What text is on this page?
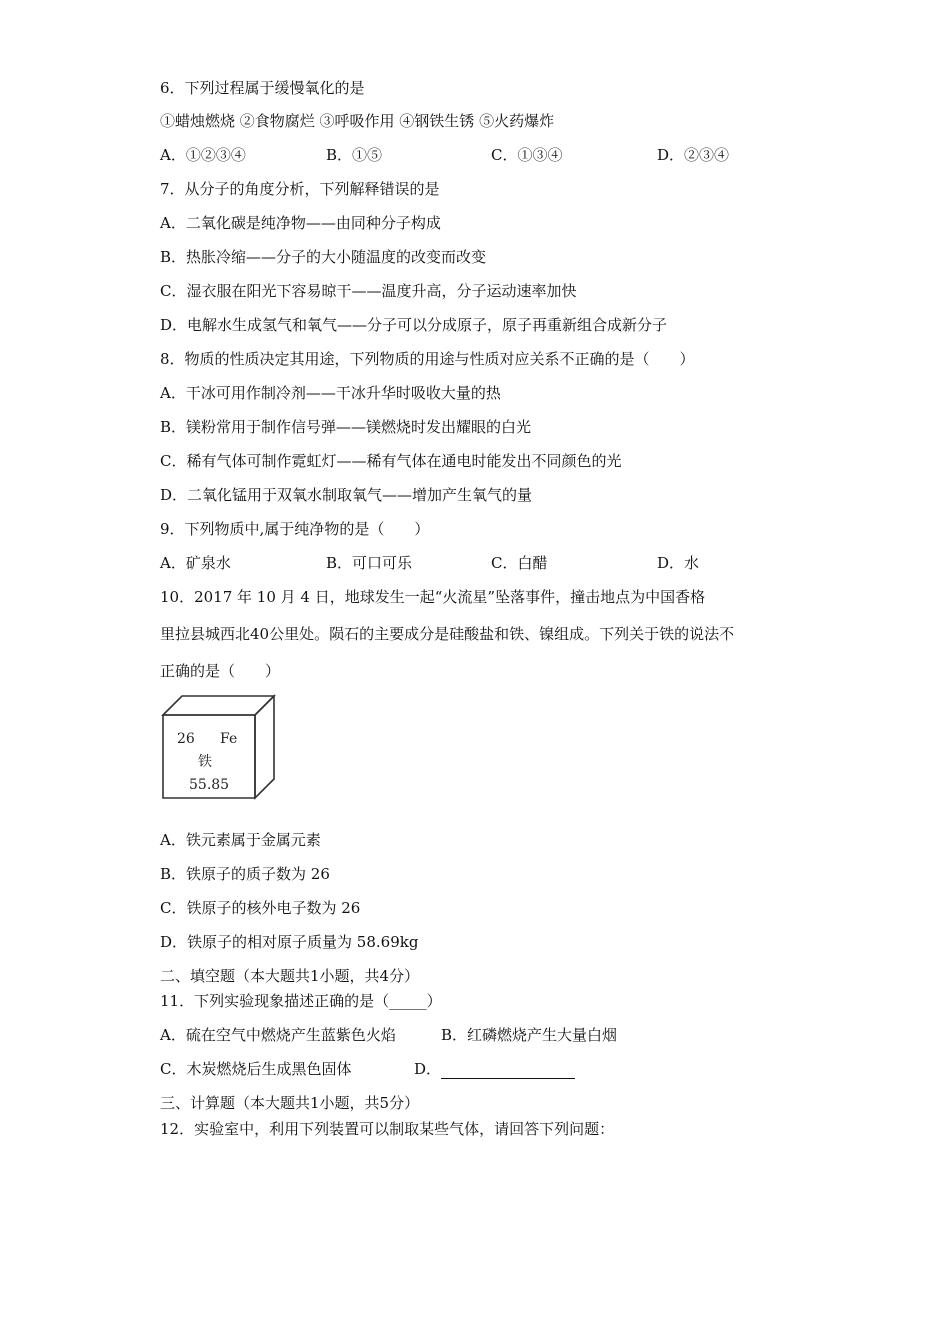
6．下列过程属于缓慢氧化的是
①蜡烛燃烧 ②食物腐烂 ③呼吸作用 ④钢铁生锈 ⑤火药爆炸
A．①②③④	B．①⑤	C．①③④	D．②③④
7．从分子的角度分析，下列解释错误的是
A．二氧化碳是纯净物——由同种分子构成
B．热胀冷缩——分子的大小随温度的改变而改变
C．湿衣服在阳光下容易晾干——温度升高，分子运动速率加快
D．电解水生成氢气和氧气——分子可以分成原子，原子再重新组合成新分子
8．物质的性质决定其用途，下列物质的用途与性质对应关系不正确的是（　　）
A．干冰可用作制冷剂——干冰升华时吸收大量的热
B．镁粉常用于制作信号弹——镁燃烧时发出耀眼的白光
C．稀有气体可制作霓虹灯——稀有气体在通电时能发出不同颜色的光
D．二氧化锰用于双氧水制取氧气——增加产生氧气的量
9．下列物质中,属于纯净物的是（　　）
A．矿泉水	B．可口可乐	C．白醋	D．水
10．2017 年 10 月 4 日，地球发生一起“火流星”坠落事件，撞击地点为中国香格
里拉县城西北40公里处。陨石的主要成分是硅酸盐和铁、镍组成。下列关于铁的说法不
正确的是（　　）
26 Fe
铁
55.85
A．铁元素属于金属元素
B．铁原子的质子数为 26
C．铁原子的核外电子数为 26
D．铁原子的相对原子质量为 58.69kg
二、填空题（本大题共1小题，共4分）
11．下列实验现象描述正确的是（_____）
A．硫在空气中燃烧产生蓝紫色火焰	B．红磷燃烧产生大量白烟
C．木炭燃烧后生成黑色固体	D．
三、计算题（本大题共1小题，共5分）
12．实验室中，利用下列装置可以制取某些气体，请回答下列问题：
